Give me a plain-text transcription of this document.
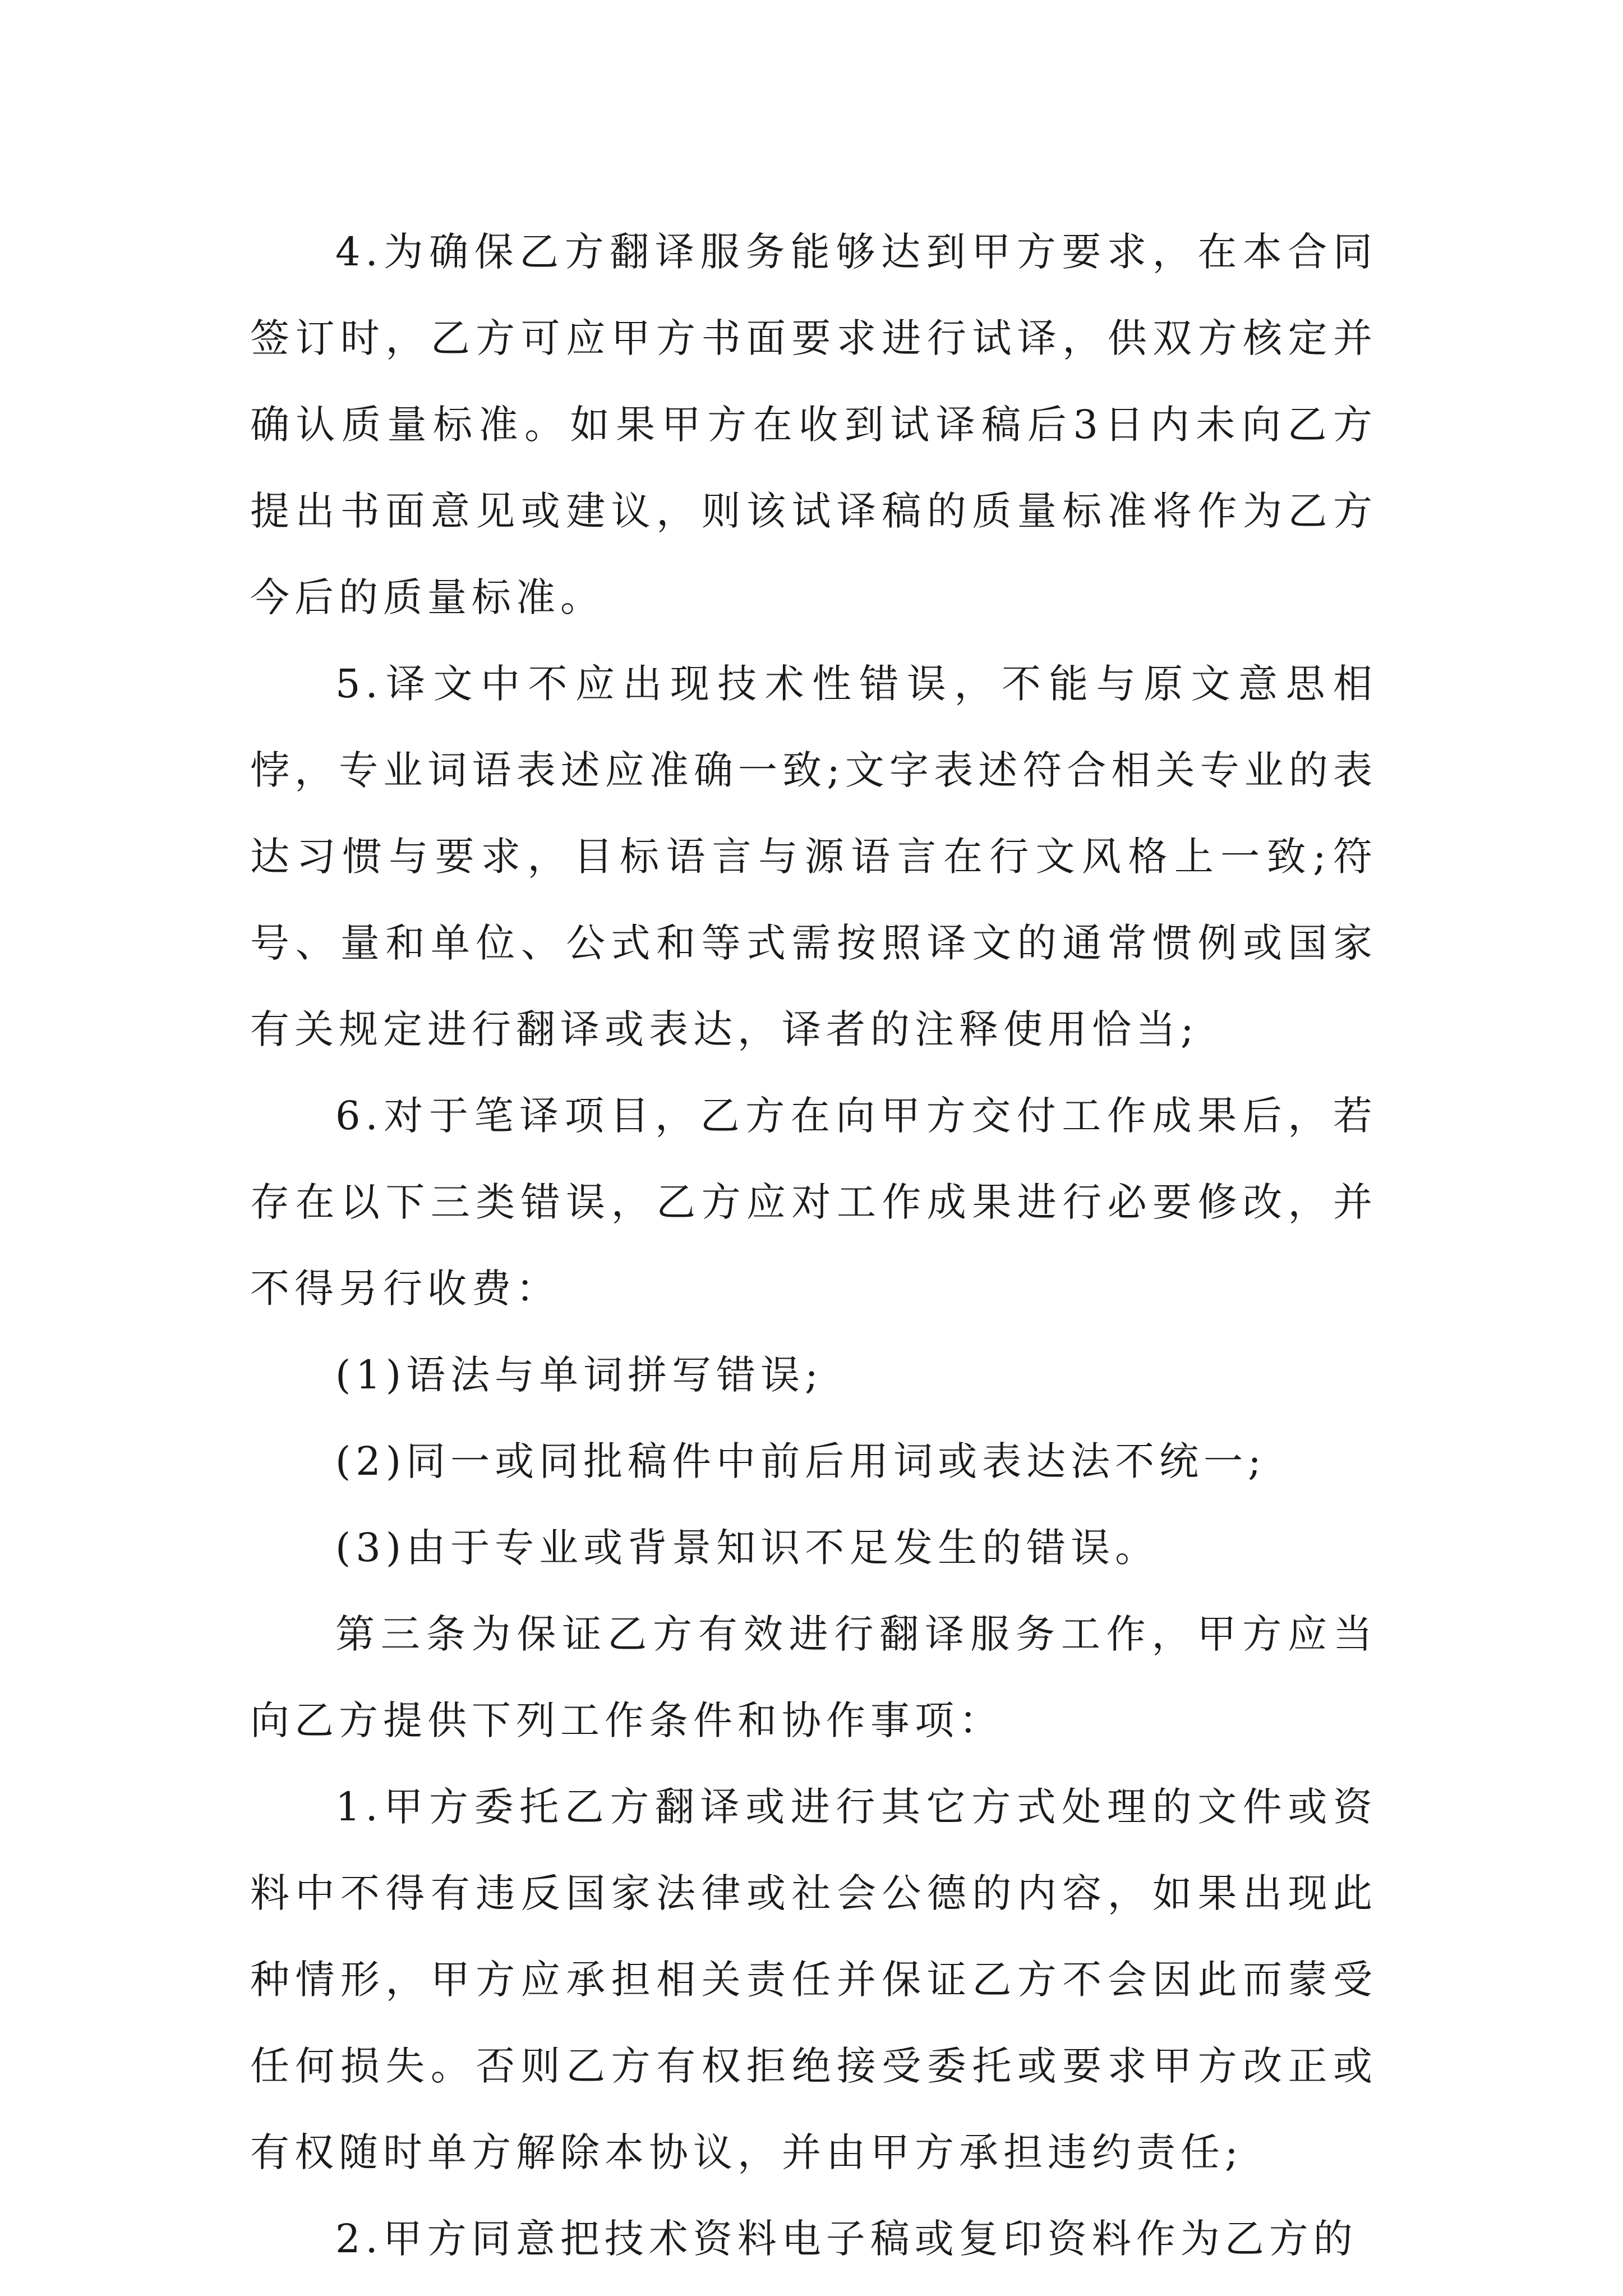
4.为确保乙方翻译服务能够达到甲方要求，在本合同签订时，乙方可应甲方书面要求进行试译，供双方核定并确认质量标准。如果甲方在收到试译稿后3日内未向乙方提出书面意见或建议，则该试译稿的质量标准将作为乙方今后的质量标准。

5.译文中不应出现技术性错误，不能与原文意思相悖，专业词语表述应准确一致;文字表述符合相关专业的表达习惯与要求，目标语言与源语言在行文风格上一致;符号、量和单位、公式和等式需按照译文的通常惯例或国家有关规定进行翻译或表达，译者的注释使用恰当;

6.对于笔译项目，乙方在向甲方交付工作成果后，若存在以下三类错误，乙方应对工作成果进行必要修改，并不得另行收费：

(1)语法与单词拼写错误;

(2)同一或同批稿件中前后用词或表达法不统一;

(3)由于专业或背景知识不足发生的错误。

第三条为保证乙方有效进行翻译服务工作，甲方应当向乙方提供下列工作条件和协作事项：

1.甲方委托乙方翻译或进行其它方式处理的文件或资料中不得有违反国家法律或社会公德的内容，如果出现此种情形，甲方应承担相关责任并保证乙方不会因此而蒙受任何损失。否则乙方有权拒绝接受委托或要求甲方改正或有权随时单方解除本协议，并由甲方承担违约责任;

2.甲方同意把技术资料电子稿或复印资料作为乙方的
